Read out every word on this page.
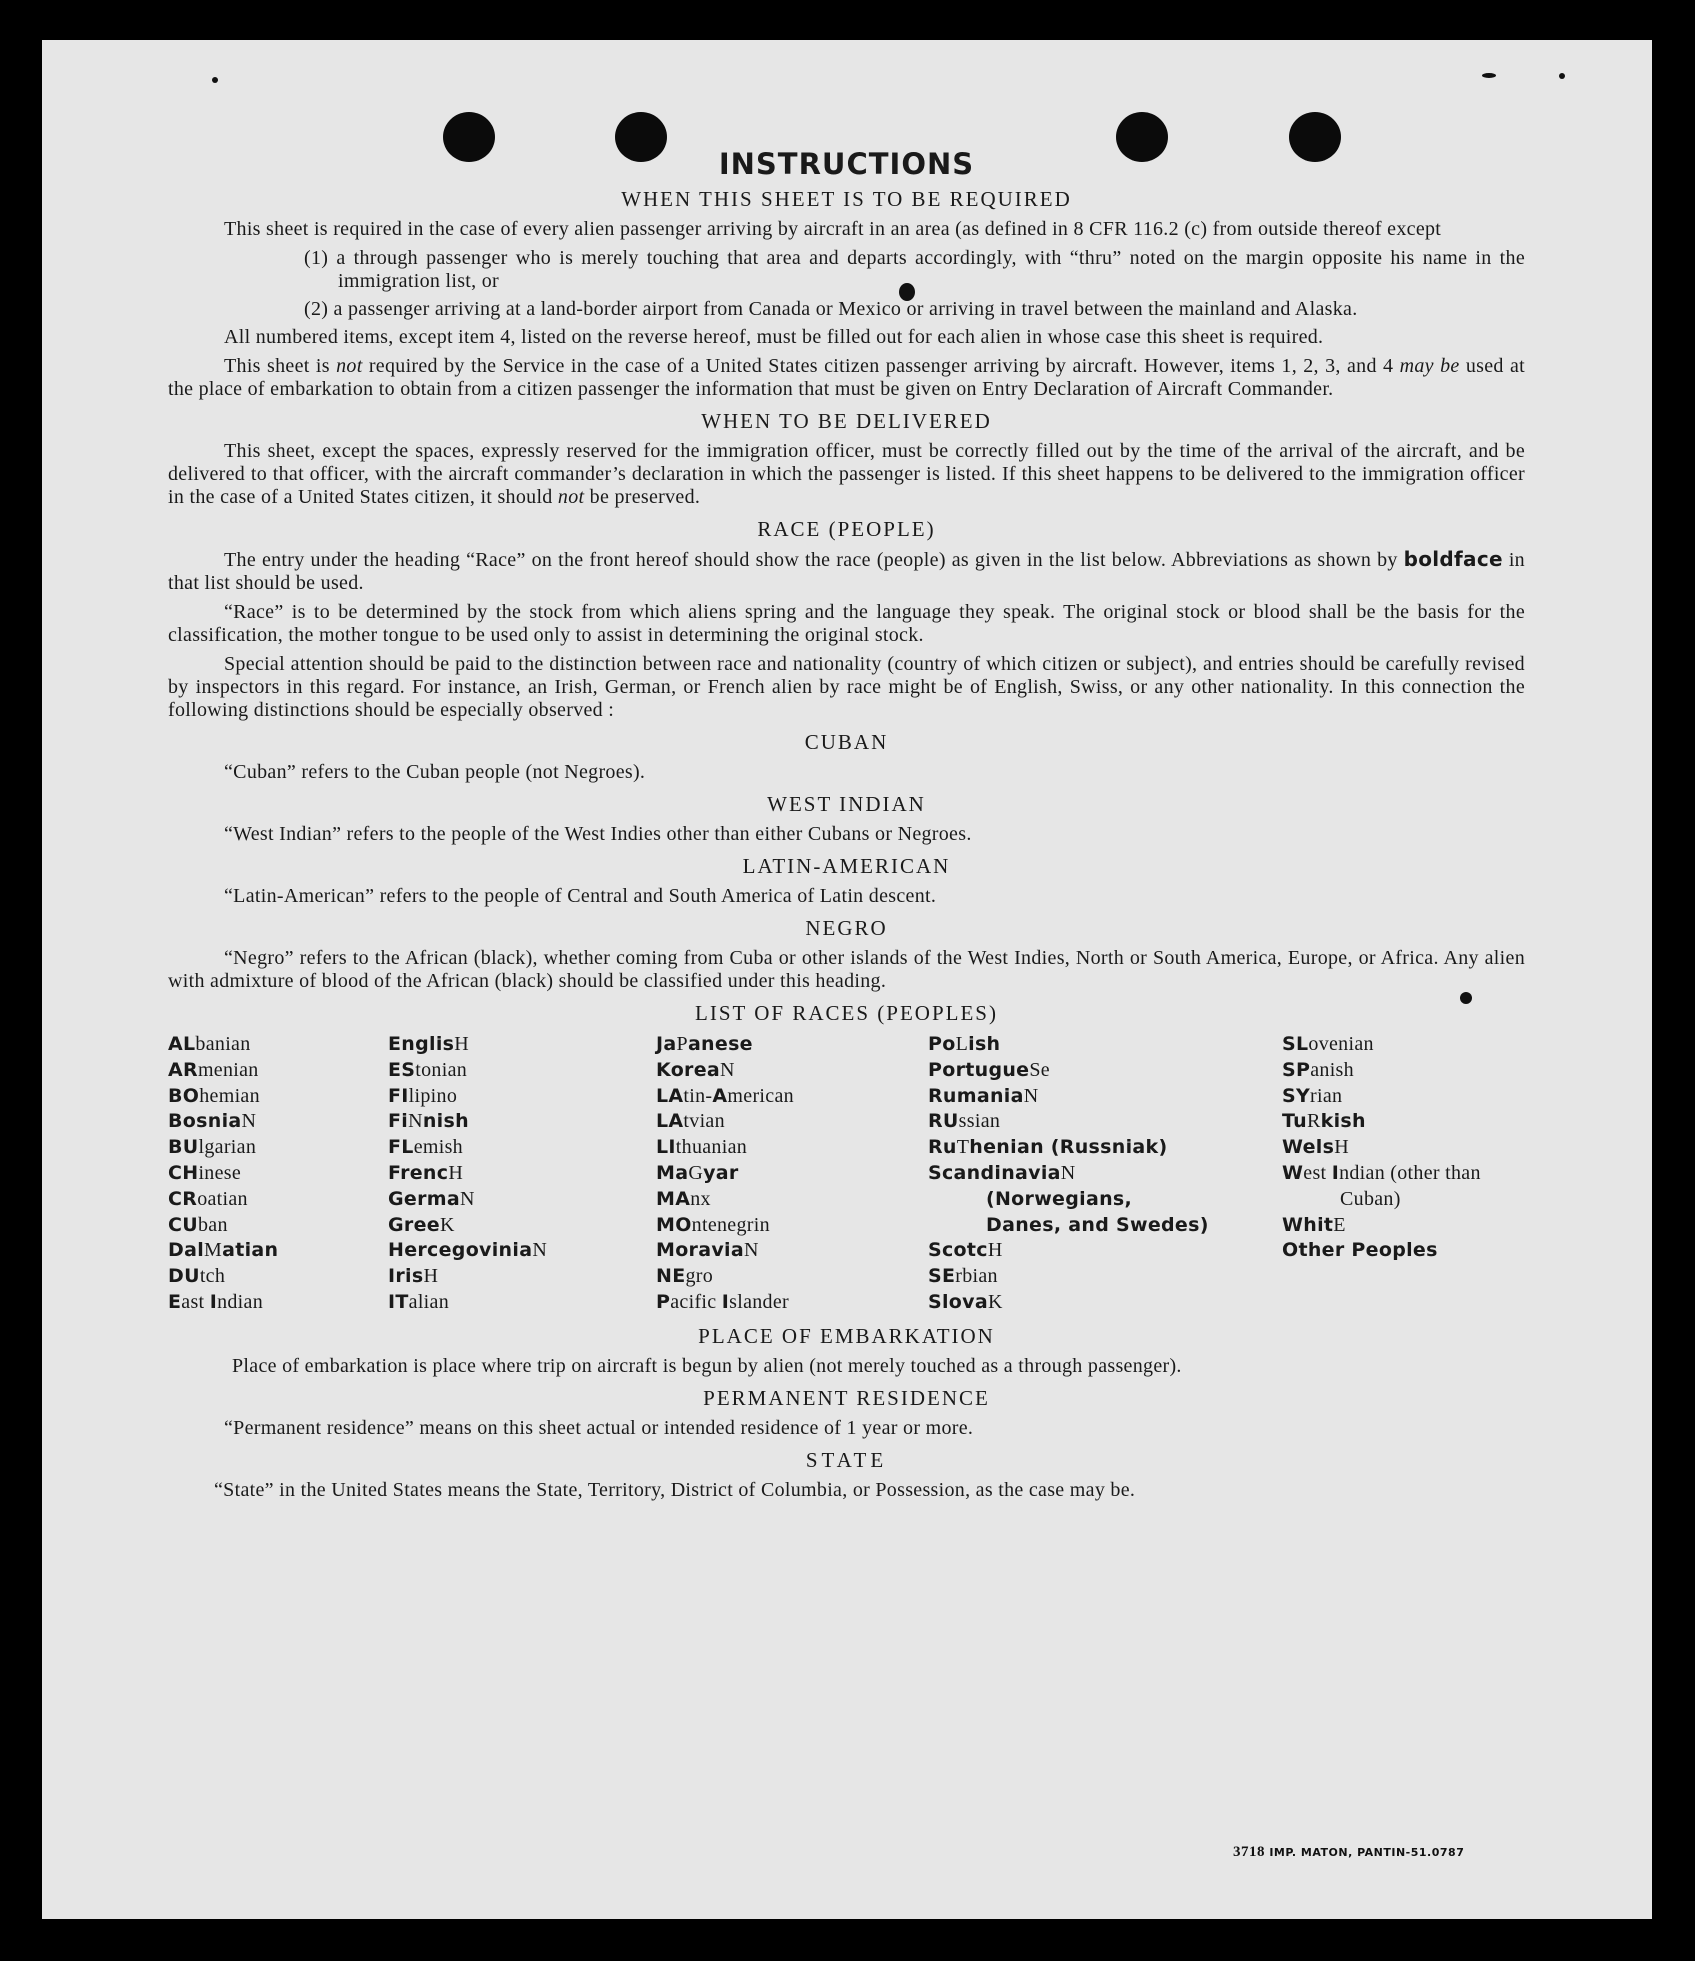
INSTRUCTIONS
WHEN THIS SHEET IS TO BE REQUIRED
This sheet is required in the case of every alien passenger arriving by aircraft in an area (as defined in 8 CFR 116.2 (c) from outside thereof except
(1) a through passenger who is merely touching that area and departs accordingly, with “thru” noted on the margin opposite his name in the immigration list, or
(2) a passenger arriving at a land-border airport from Canada or Mexico or arriving in travel between the mainland and Alaska.
All numbered items, except item 4, listed on the reverse hereof, must be filled out for each alien in whose case this sheet is required.
This sheet is not required by the Service in the case of a United States citizen passenger arriving by aircraft. However, items 1, 2, 3, and 4 may be used at the place of embarkation to obtain from a citizen passenger the information that must be given on Entry Declaration of Aircraft Commander.
WHEN TO BE DELIVERED
This sheet, except the spaces, expressly reserved for the immigration officer, must be correctly filled out by the time of the arrival of the aircraft, and be delivered to that officer, with the aircraft commander’s declaration in which the passenger is listed. If this sheet happens to be delivered to the immigration officer in the case of a United States citizen, it should not be preserved.
RACE (PEOPLE)
The entry under the heading “Race” on the front hereof should show the race (people) as given in the list below. Abbreviations as shown by boldface in that list should be used.
“Race” is to be determined by the stock from which aliens spring and the language they speak. The original stock or blood shall be the basis for the classification, the mother tongue to be used only to assist in determining the original stock.
Special attention should be paid to the distinction between race and nationality (country of which citizen or subject), and entries should be carefully revised by inspectors in this regard. For instance, an Irish, German, or French alien by race might be of English, Swiss, or any other nationality. In this connection the following distinctions should be especially observed :
CUBAN
“Cuban” refers to the Cuban people (not Negroes).
WEST INDIAN
“West Indian” refers to the people of the West Indies other than either Cubans or Negroes.
LATIN-AMERICAN
“Latin-American” refers to the people of Central and South America of Latin descent.
NEGRO
“Negro” refers to the African (black), whether coming from Cuba or other islands of the West Indies, North or South America, Europe, or Africa. Any alien with admixture of blood of the African (black) should be classified under this heading.
LIST OF RACES (PEOPLES)
ALbanian
ARmenian
BOhemian
BosniaN
BUlgarian
CHinese
CRoatian
CUban
DalMatian
DUtch
East Indian
EnglisH
EStonian
FIlipino
FiNnish
FLemish
FrencH
GermaN
GreeK
HercegoviniaN
IrisH
ITalian
JaPanese
KoreaN
LAtin-American
LAtvian
LIthuanian
MaGyar
MAnx
MOntenegrin
MoraviaN
NEgro
Pacific Islander
PoLish
PortugueSe
RumaniaN
RUssian
RuThenian (Russniak)
ScandinaviaN (Norwegians, Danes, and Swedes)
ScotcH
SErbian
SlovaK
SLovenian
SPanish
SYrian
TuRkish
WelsH
West Indian (other than Cuban)
WhitE
Other Peoples
PLACE OF EMBARKATION
Place of embarkation is place where trip on aircraft is begun by alien (not merely touched as a through passenger).
PERMANENT RESIDENCE
“Permanent residence” means on this sheet actual or intended residence of 1 year or more.
STATE
“State” in the United States means the State, Territory, District of Columbia, or Possession, as the case may be.
3718 IMP. MATON, PANTIN-51.0787
